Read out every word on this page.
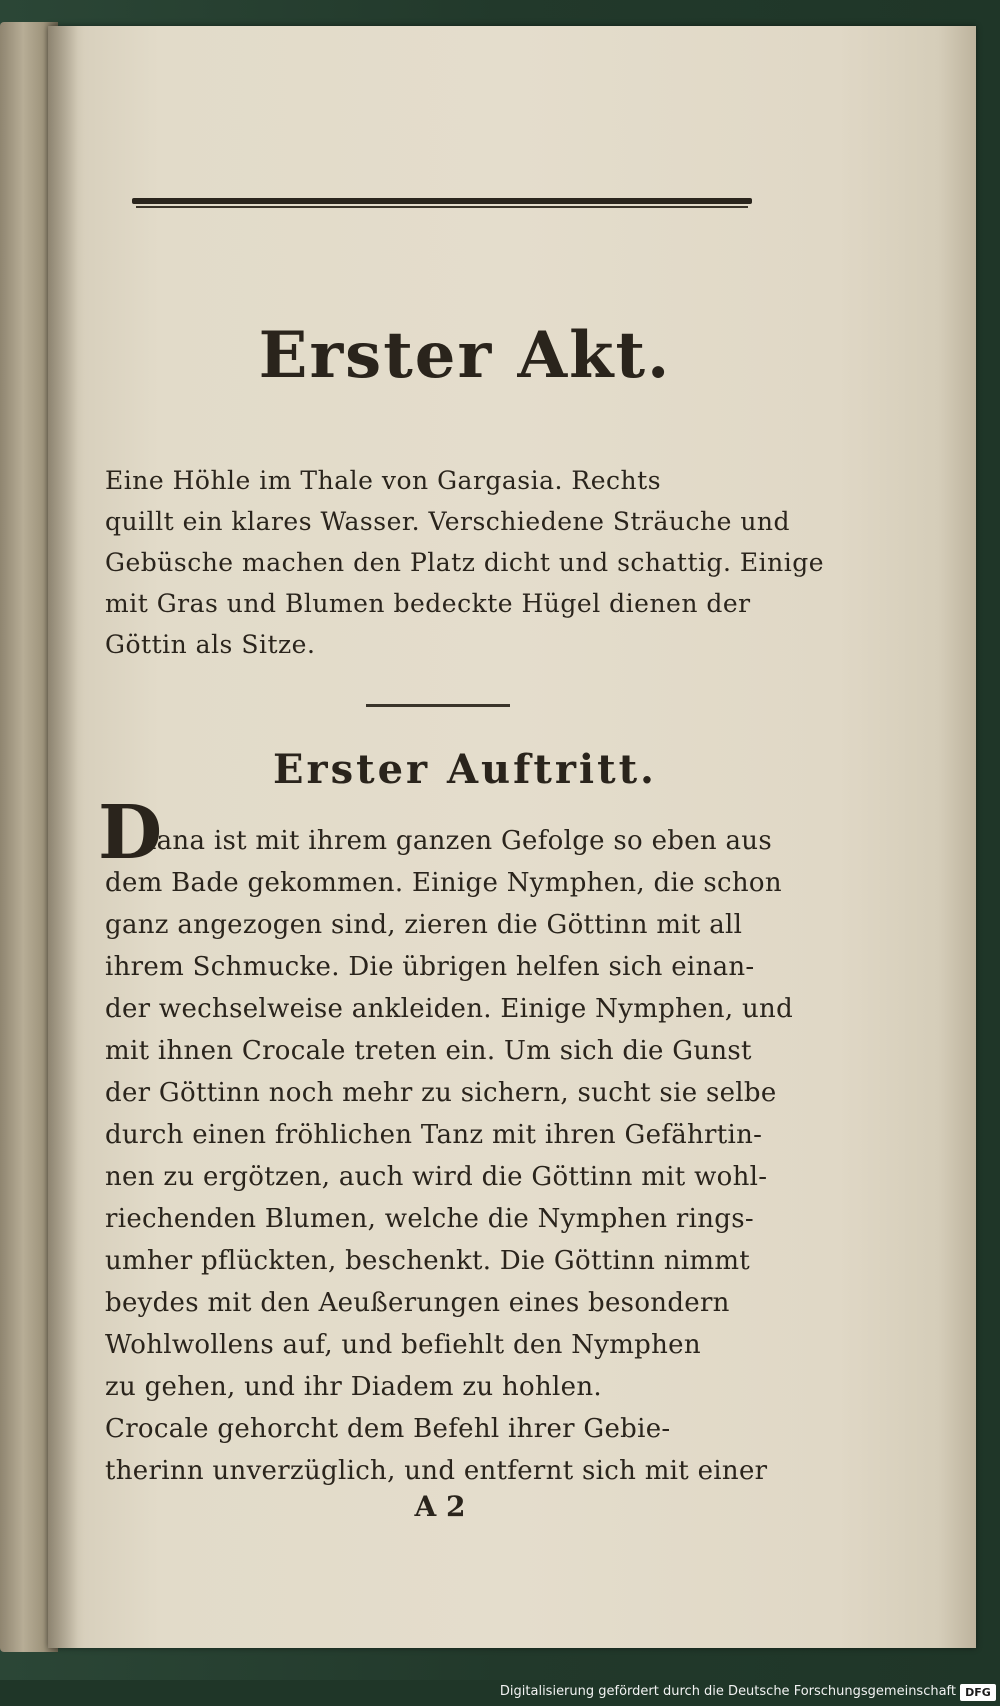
Erster Akt.
Eine Höhle im Thale von Gargasia. Rechts
quillt ein klares Wasser. Verschiedene Sträuche und
Gebüsche machen den Platz dicht und schattig. Einige
mit Gras und Blumen bedeckte Hügel dienen der
Göttin als Sitze.
Erster Auftritt.
D
iana ist mit ihrem ganzen Gefolge so eben aus
dem Bade gekommen. Einige Nymphen, die schon
ganz angezogen sind, zieren die Göttinn mit all
ihrem Schmucke. Die übrigen helfen sich einan-
der wechselweise ankleiden. Einige Nymphen, und
mit ihnen Crocale treten ein. Um sich die Gunst
der Göttinn noch mehr zu sichern, sucht sie selbe
durch einen fröhlichen Tanz mit ihren Gefährtin-
nen zu ergötzen, auch wird die Göttinn mit wohl-
riechenden Blumen, welche die Nymphen rings-
umher pflückten, beschenkt. Die Göttinn nimmt
beydes mit den Aeußerungen eines besondern
Wohlwollens auf, und befiehlt den Nymphen
zu gehen, und ihr Diadem zu hohlen.
Crocale gehorcht dem Befehl ihrer Gebie-
therinn unverzüglich, und entfernt sich mit einer
A 2
Digitalisierung gefördert durch die Deutsche Forschungsgemeinschaft DFG
